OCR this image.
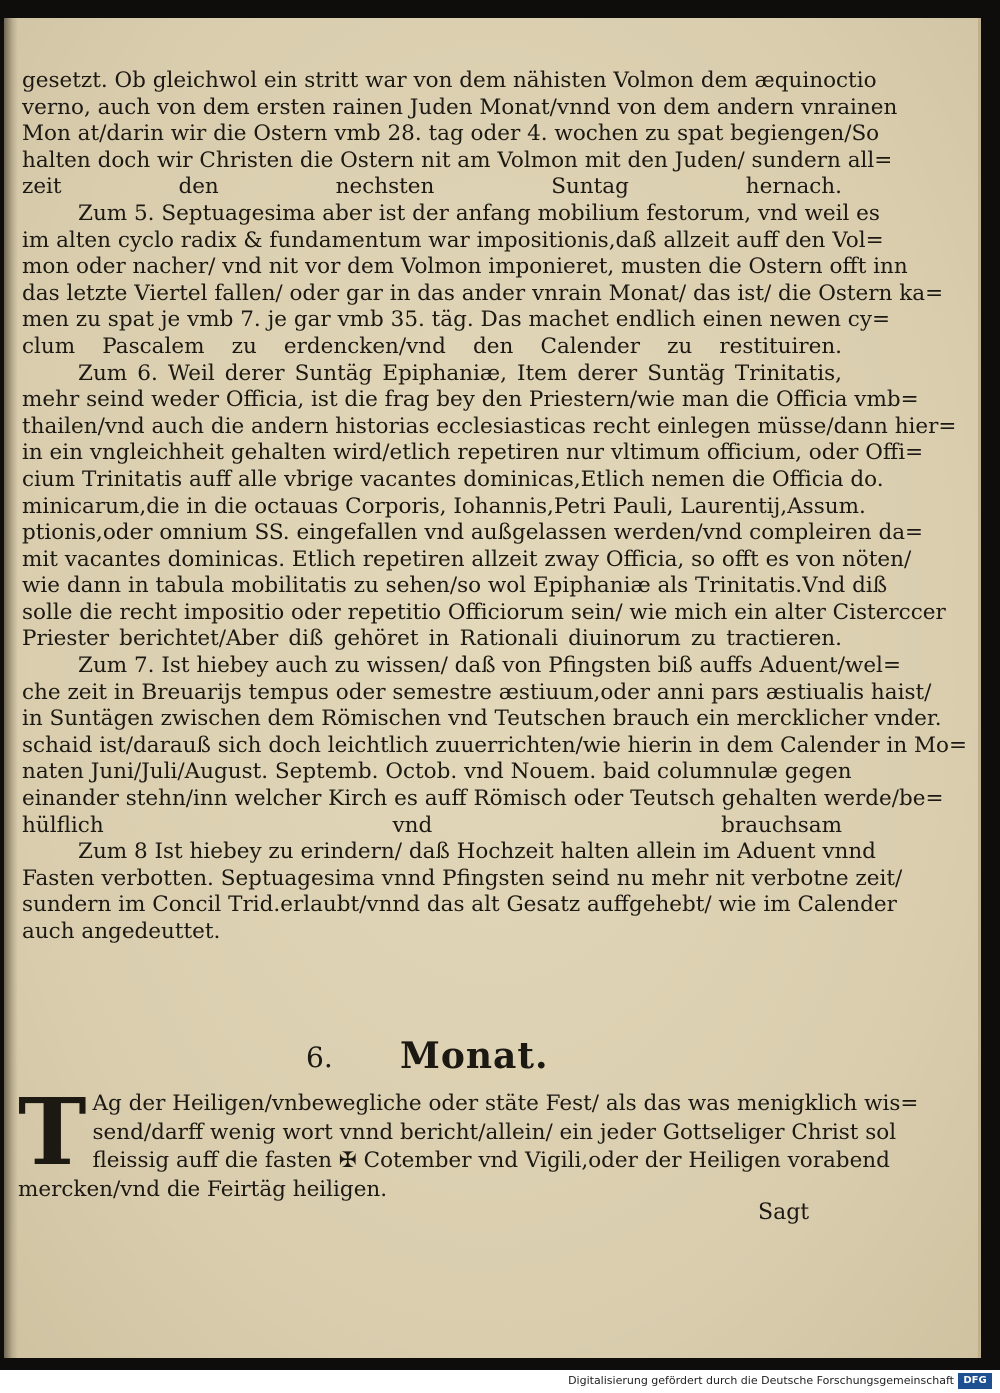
gesetzt. Ob gleichwol ein stritt war von dem nähisten Volmon dem æquinoctio
verno, auch von dem ersten rainen Juden Monat/vnnd von dem andern vnrainen
Mon at/darin wir die Ostern vmb 28. tag oder 4. wochen zu spat begiengen/So
halten doch wir Christen die Ostern nit am Volmon mit den Juden/ sundern all=
zeit den nechsten Suntag hernach.

Zum 5. Septuagesima aber ist der anfang mobilium festorum, vnd weil es
im alten cyclo radix & fundamentum war impositionis,daß allzeit auff den Vol=
mon oder nacher/ vnd nit vor dem Volmon imponieret, musten die Ostern offt inn
das letzte Viertel fallen/ oder gar in das ander vnrain Monat/ das ist/ die Ostern ka=
men zu spat je vmb 7. je gar vmb 35. täg. Das machet endlich einen newen cy=
clum Pascalem zu erdencken/vnd den Calender zu restituiren.

Zum 6. Weil derer Suntäg Epiphaniæ, Item derer Suntäg Trinitatis,
mehr seind weder Officia, ist die frag bey den Priestern/wie man die Officia vmb=
thailen/vnd auch die andern historias ecclesiasticas recht einlegen müsse/dann hier=
in ein vngleichheit gehalten wird/etlich repetiren nur vltimum officium, oder Offi=
cium Trinitatis auff alle vbrige vacantes dominicas,Etlich nemen die Officia do.
minicarum,die in die octauas Corporis, Iohannis,Petri Pauli, Laurentij,Assum.
ptionis,oder omnium SS. eingefallen vnd außgelassen werden/vnd compleiren da=
mit vacantes dominicas. Etlich repetiren allzeit zway Officia, so offt es von nöten/
wie dann in tabula mobilitatis zu sehen/so wol Epiphaniæ als Trinitatis.Vnd diß
solle die recht impositio oder repetitio Officiorum sein/ wie mich ein alter Cisterccer
Priester berichtet/Aber diß gehöret in Rationali diuinorum zu tractieren.

Zum 7. Ist hiebey auch zu wissen/ daß von Pfingsten biß auffs Aduent/wel=
che zeit in Breuarijs tempus oder semestre æstiuum,oder anni pars æstiualis haist/
in Suntägen zwischen dem Römischen vnd Teutschen brauch ein mercklicher vnder.
schaid ist/darauß sich doch leichtlich zuuerrichten/wie hierin in dem Calender in Mo=
naten Juni/Juli/August. Septemb. Octob. vnd Nouem. baid columnulæ gegen
einander stehn/inn welcher Kirch es auff Römisch oder Teutsch gehalten werde/be=
hülflich vnd brauchsam

Zum 8 Ist hiebey zu erindern/ daß Hochzeit halten allein im Aduent vnnd
Fasten verbotten. Septuagesima vnnd Pfingsten seind nu mehr nit verbotne zeit/
sundern im Concil Trid.erlaubt/vnnd das alt Gesatz auffgehebt/ wie im Calender
auch angedeuttet.

6. Monat.
T Ag der Heiligen/vnbewegliche oder stäte Fest/ als das was menigklich wis=
send/darff wenig wort vnnd bericht/allein/ ein jeder Gottseliger Christ sol
fleissig auff die fasten ✠ Cotember vnd Vigili,oder der Heiligen vorabend
mercken/vnd die Feirtäg heiligen.
Sagt
Digitalisierung gefördert durch die Deutsche Forschungsgemeinschaft DFG
